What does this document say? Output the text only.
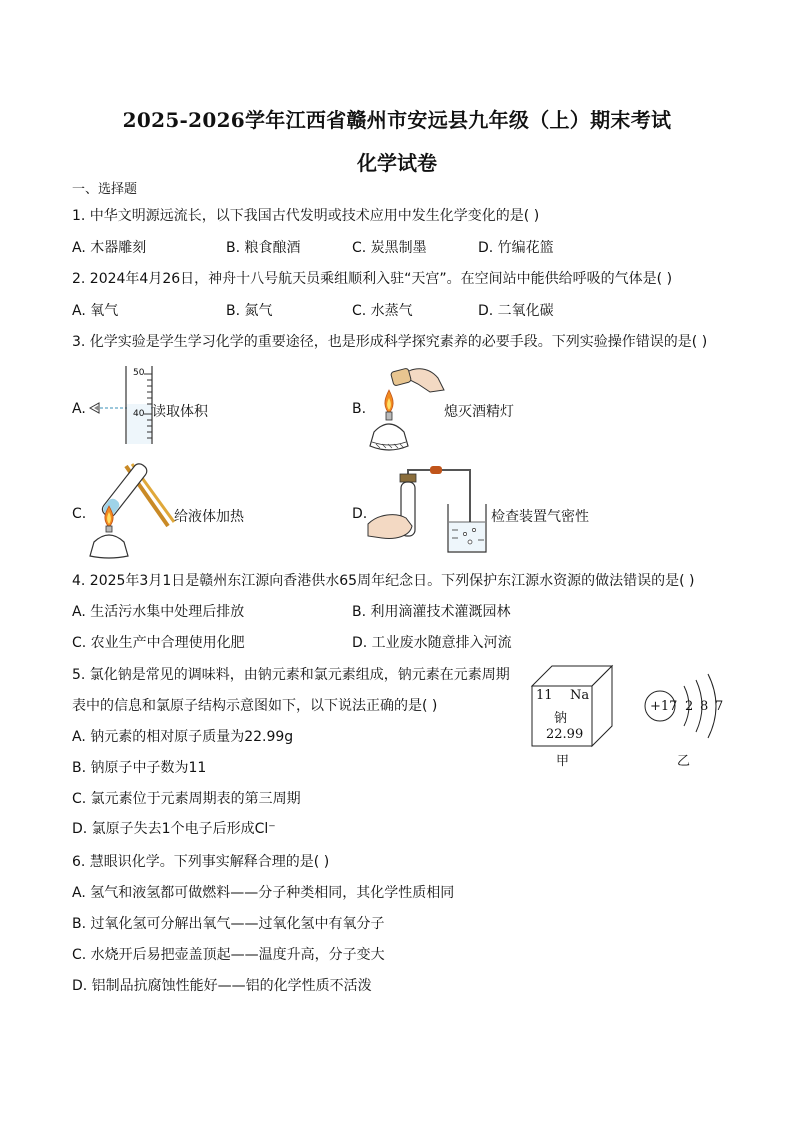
2025-2026学年江西省赣州市安远县九年级（上）期末考试
化学试卷
一、选择题
1. 中华文明源远流长，以下我国古代发明或技术应用中发生化学变化的是( )
A. 木器雕刻	B. 粮食酿酒	C. 炭黑制墨	D. 竹编花篮
2. 2024年4月26日，神舟十八号航天员乘组顺利入驻“天宫”。在空间站中能供给呼吸的气体是( )
A. 氧气	B. 氮气	C. 水蒸气	D. 二氧化碳
3. 化学实验是学生学习化学的重要途径，也是形成科学探究素养的必要手段。下列实验操作错误的是( )
A.
50
40 读取体积	B.	熄灭酒精灯
C.	给液体加热	D.	检查装置气密性
4. 2025年3月1日是赣州东江源向香港供水65周年纪念日。下列保护东江源水资源的做法错误的是( )
A. 生活污水集中处理后排放	B. 利用滴灌技术灌溉园林
C. 农业生产中合理使用化肥	D. 工业废水随意排入河流
5. 氯化钠是常见的调味料，由钠元素和氯元素组成，钠元素在元素周期
表中的信息和氯原子结构示意图如下，以下说法正确的是( )
A. 钠元素的相对原子质量为22.99g
B. 钠原子中子数为11
C. 氯元素位于元素周期表的第三周期
D. 氯原子失去1个电子后形成Cl⁻
11 Na
钠
22.99
甲
+17 2 8 7
乙
6. 慧眼识化学。下列事实解释合理的是( )
A. 氢气和液氢都可做燃料——分子种类相同，其化学性质相同
B. 过氧化氢可分解出氧气——过氧化氢中有氧分子
C. 水烧开后易把壶盖顶起——温度升高，分子变大
D. 铝制品抗腐蚀性能好——铝的化学性质不活泼
